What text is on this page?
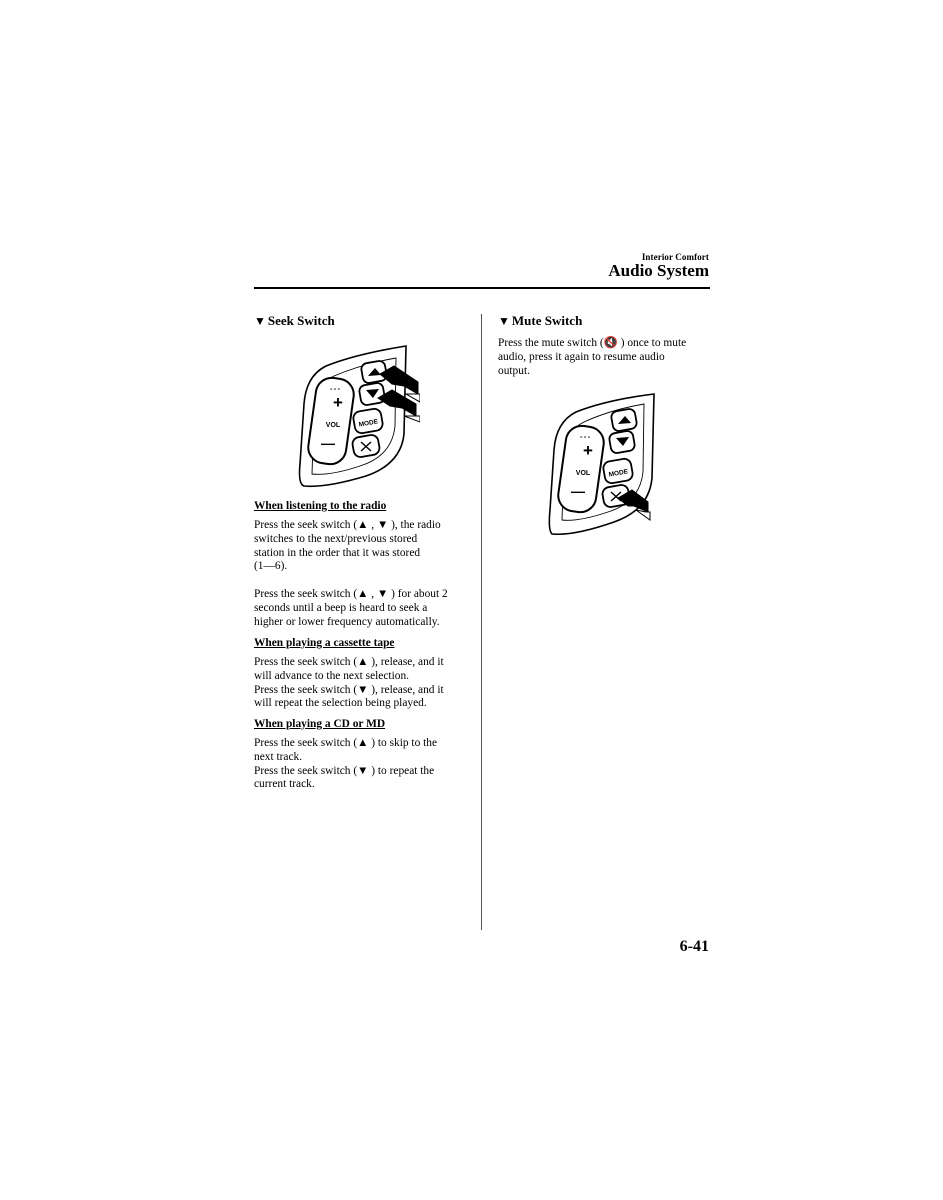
Interior Comfort
Audio System
▼ Seek Switch
∘∘∘
+
VOL
—
MODE
When listening to the radio
Press the seek switch (▲ , ▼ ), the radio
switches to the next/previous stored
station in the order that it was stored
(1—6).
Press the seek switch (▲ , ▼ ) for about 2
seconds until a beep is heard to seek a
higher or lower frequency automatically.
When playing a cassette tape
Press the seek switch (▲ ), release, and it
will advance to the next selection.
Press the seek switch (▼ ), release, and it
will repeat the selection being played.
When playing a CD or MD
Press the seek switch (▲ ) to skip to the
next track.
Press the seek switch (▼ ) to repeat the
current track.
▼ Mute Switch
Press the mute switch (🔇 ) once to mute
audio, press it again to resume audio
output.
∘∘∘
+
VOL
—
MODE
6-41
